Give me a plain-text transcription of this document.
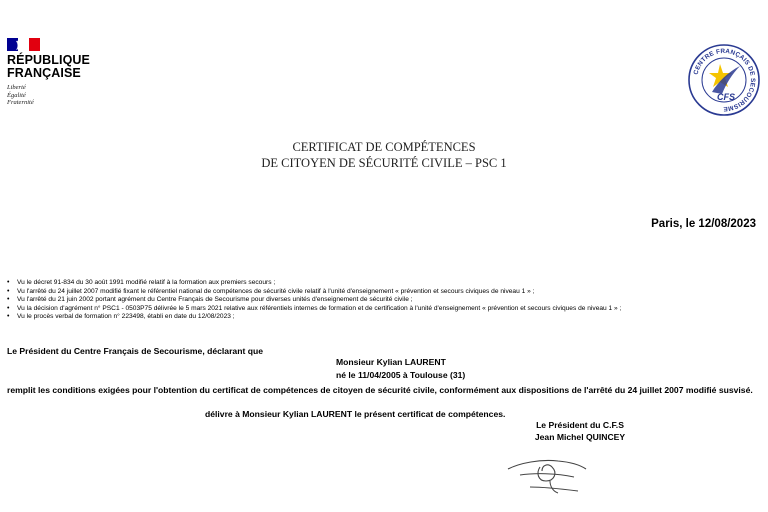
RÉPUBLIQUE
FRANÇAISE
Liberté
Égalité
Fraternité
CENTRE FRANÇAIS DE SECOURISME
CFS
CERTIFICAT DE COMPÉTENCES
DE CITOYEN DE SÉCURITÉ CIVILE – PSC 1
Paris, le 12/08/2023
• Vu le décret 91-834 du 30 août 1991 modifié relatif à la formation aux premiers secours ;
• Vu l'arrêté du 24 juillet 2007 modifié fixant le référentiel national de compétences de sécurité civile relatif à l'unité d'enseignement « prévention et secours civiques de niveau 1 » ;
• Vu l'arrêté du 21 juin 2002 portant agrément du Centre Français de Secourisme pour diverses unités d'enseignement de sécurité civile ;
• Vu la décision d'agrément n° PSC1 - 0503P75 délivrée le 5 mars 2021 relative aux référentiels internes de formation et de certification à l'unité d'enseignement « prévention et secours civiques de niveau 1 » ;
• Vu le procès verbal de formation n° 223498, établi en date du 12/08/2023 ;
Le Président du Centre Français de Secourisme, déclarant que
Monsieur Kylian LAURENT
né le 11/04/2005 à Toulouse (31)
remplit les conditions exigées pour l'obtention du certificat de compétences de citoyen de sécurité civile, conformément aux dispositions de l'arrêté du 24 juillet 2007 modifié susvisé.
délivre à Monsieur Kylian LAURENT le présent certificat de compétences.
Le Président du C.F.S
Jean Michel QUINCEY
